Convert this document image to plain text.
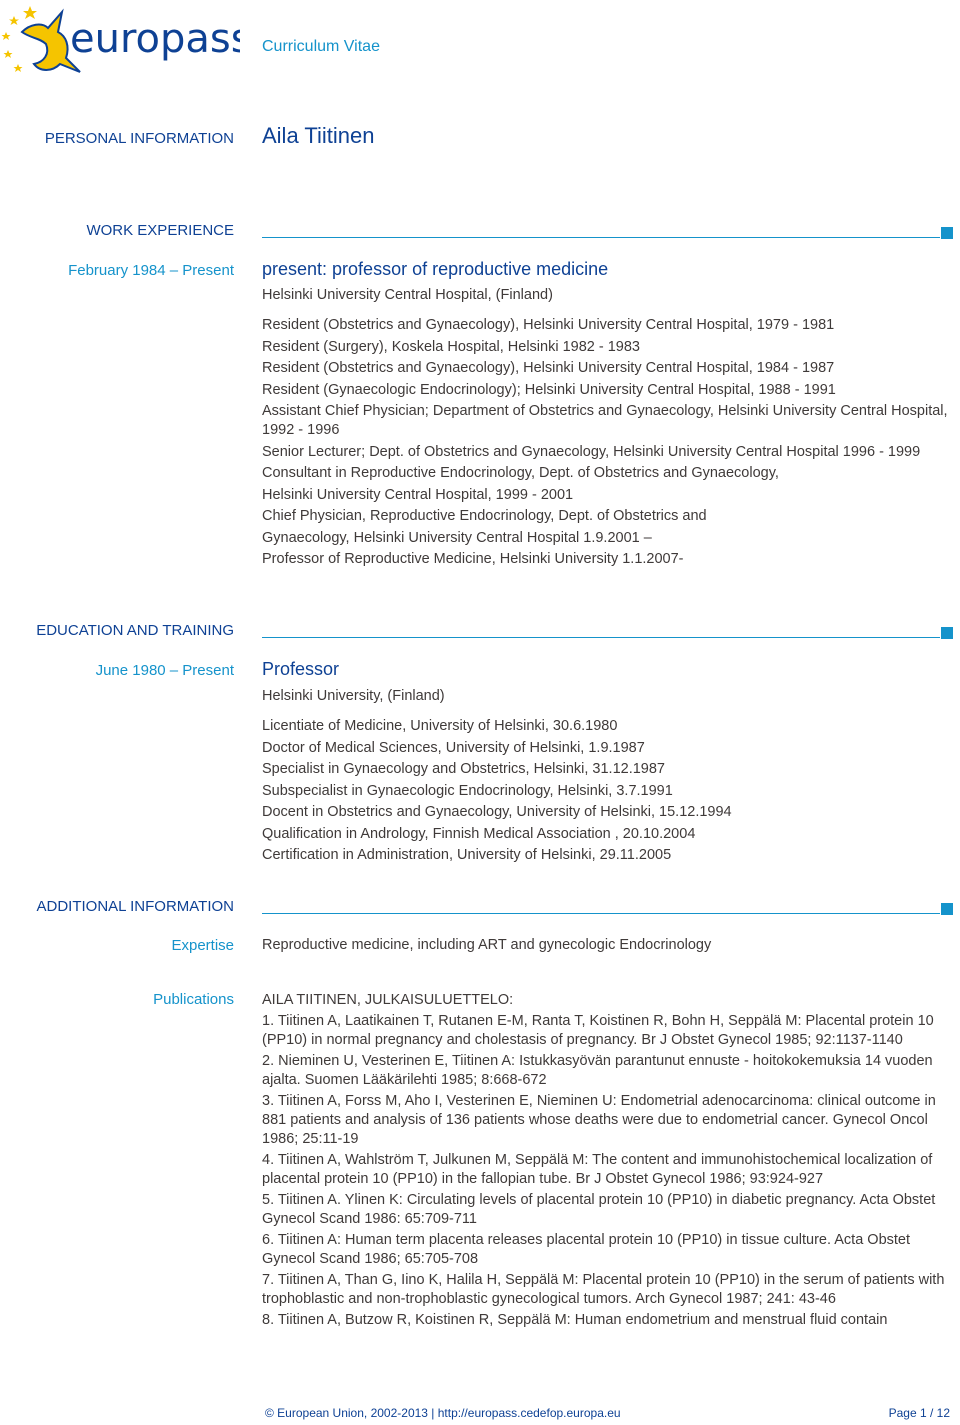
europass Curriculum Vitae
PERSONAL INFORMATION Aila Tiitinen
WORK EXPERIENCE
February 1984 – Present present: professor of reproductive medicine
Helsinki University Central Hospital, (Finland)

Resident (Obstetrics and Gynaecology), Helsinki University Central Hospital, 1979 - 1981

Resident (Surgery), Koskela Hospital, Helsinki 1982 - 1983

Resident (Obstetrics and Gynaecology), Helsinki University Central Hospital, 1984 - 1987

Resident (Gynaecologic Endocrinology); Helsinki University Central Hospital, 1988 - 1991

Assistant Chief Physician; Department of Obstetrics and Gynaecology, Helsinki University Central Hospital, 1992 - 1996

Senior Lecturer; Dept. of Obstetrics and Gynaecology, Helsinki University Central Hospital 1996 - 1999

Consultant in Reproductive Endocrinology, Dept. of Obstetrics and Gynaecology,

Helsinki University Central Hospital, 1999 - 2001

Chief Physician, Reproductive Endocrinology, Dept. of Obstetrics and

Gynaecology, Helsinki University Central Hospital 1.9.2001 –

Professor of Reproductive Medicine, Helsinki University 1.1.2007-

EDUCATION AND TRAINING
June 1980 – Present Professor
Helsinki University, (Finland)

Licentiate of Medicine, University of Helsinki, 30.6.1980

Doctor of Medical Sciences, University of Helsinki, 1.9.1987

Specialist in Gynaecology and Obstetrics, Helsinki, 31.12.1987

Subspecialist in Gynaecologic Endocrinology, Helsinki, 3.7.1991

Docent in Obstetrics and Gynaecology, University of Helsinki, 15.12.1994

Qualification in Andrology, Finnish Medical Association , 20.10.2004

Certification in Administration, University of Helsinki, 29.11.2005

ADDITIONAL INFORMATION
Expertise Reproductive medicine, including ART and gynecologic Endocrinology
Publications AILA TIITINEN, JULKAISULUETTELO:

1. Tiitinen A, Laatikainen T, Rutanen E-M, Ranta T, Koistinen R, Bohn H, Seppälä M: Placental protein 10 (PP10) in normal pregnancy and cholestasis of pregnancy. Br J Obstet Gynecol 1985; 92:1137-1140

2. Nieminen U, Vesterinen E, Tiitinen A: Istukkasyövän parantunut ennuste - hoitokokemuksia 14 vuoden ajalta. Suomen Lääkärilehti 1985; 8:668-672

3. Tiitinen A, Forss M, Aho I, Vesterinen E, Nieminen U: Endometrial adenocarcinoma: clinical outcome in 881 patients and analysis of 136 patients whose deaths were due to endometrial cancer. Gynecol Oncol 1986; 25:11-19

4. Tiitinen A, Wahlström T, Julkunen M, Seppälä M: The content and immunohistochemical localization of placental protein 10 (PP10) in the fallopian tube. Br J Obstet Gynecol 1986; 93:924-927

5. Tiitinen A. Ylinen K: Circulating levels of placental protein 10 (PP10) in diabetic pregnancy. Acta Obstet Gynecol Scand 1986: 65:709-711

6. Tiitinen A: Human term placenta releases placental protein 10 (PP10) in tissue culture. Acta Obstet Gynecol Scand 1986; 65:705-708

7. Tiitinen A, Than G, Iino K, Halila H, Seppälä M: Placental protein 10 (PP10) in the serum of patients with trophoblastic and non-trophoblastic gynecological tumors. Arch Gynecol 1987; 241: 43-46

8. Tiitinen A, Butzow R, Koistinen R, Seppälä M: Human endometrium and menstrual fluid contain

© European Union, 2002-2013 | http://europass.cedefop.europa.eu	Page 1 / 12
